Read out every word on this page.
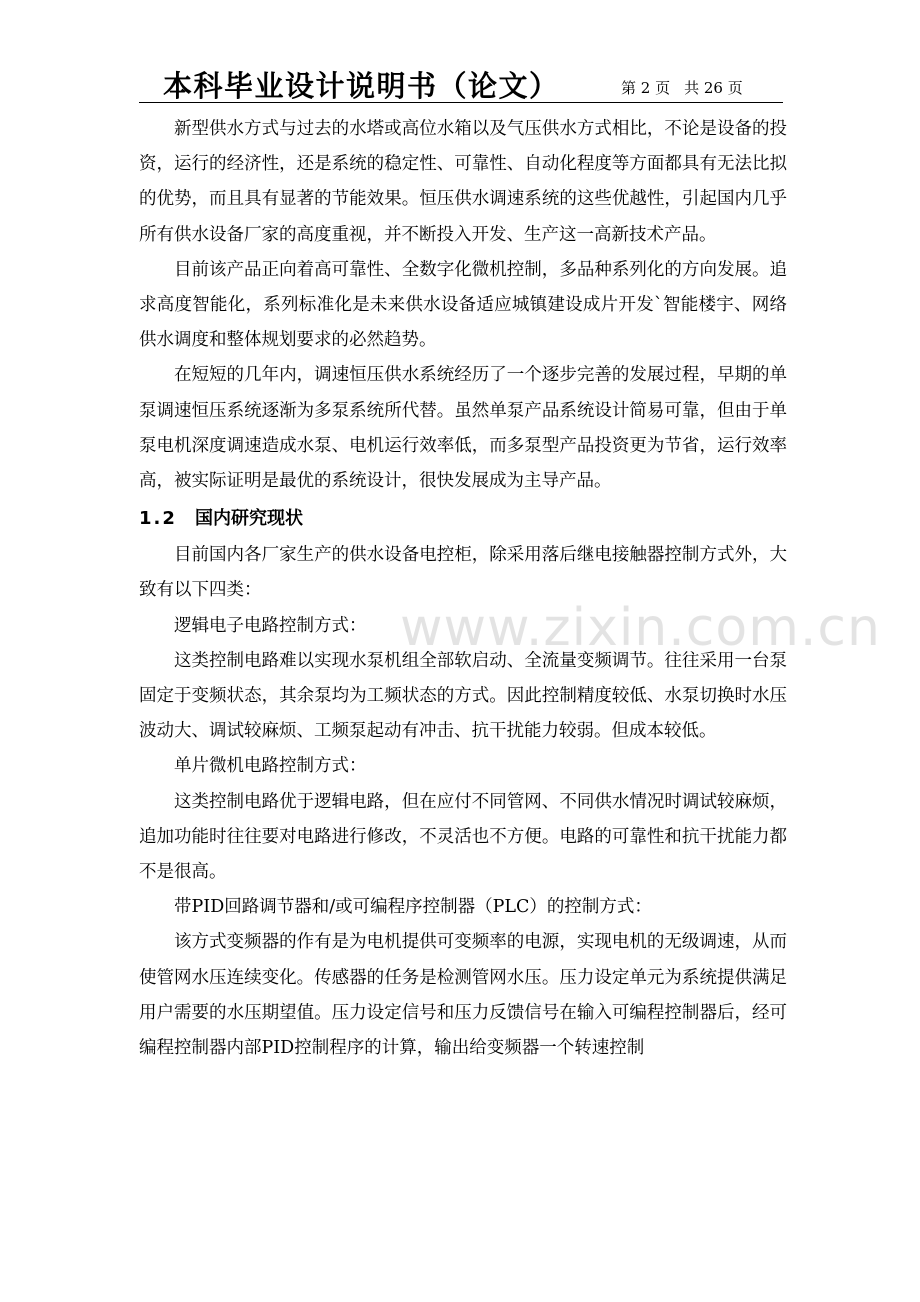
本科毕业设计说明书（论文）	第 2 页 共 26 页

新型供水方式与过去的水塔或高位水箱以及气压供水方式相比，不论是设备的投资，运行的经济性，还是系统的稳定性、可靠性、自动化程度等方面都具有无法比拟的优势，而且具有显著的节能效果。恒压供水调速系统的这些优越性，引起国内几乎所有供水设备厂家的高度重视，并不断投入开发、生产这一高新技术产品。

目前该产品正向着高可靠性、全数字化微机控制，多品种系列化的方向发展。追求高度智能化，系列标准化是未来供水设备适应城镇建设成片开发`智能楼宇、网络供水调度和整体规划要求的必然趋势。

在短短的几年内，调速恒压供水系统经历了一个逐步完善的发展过程，早期的单泵调速恒压系统逐渐为多泵系统所代替。虽然单泵产品系统设计简易可靠，但由于单泵电机深度调速造成水泵、电机运行效率低，而多泵型产品投资更为节省，运行效率高，被实际证明是最优的系统设计，很快发展成为主导产品。

1.2 国内研究现状

目前国内各厂家生产的供水设备电控柜，除采用落后继电接触器控制方式外，大致有以下四类：

逻辑电子电路控制方式：

这类控制电路难以实现水泵机组全部软启动、全流量变频调节。往往采用一台泵固定于变频状态，其余泵均为工频状态的方式。因此控制精度较低、水泵切换时水压波动大、调试较麻烦、工频泵起动有冲击、抗干扰能力较弱。但成本较低。

单片微机电路控制方式：

这类控制电路优于逻辑电路，但在应付不同管网、不同供水情况时调试较麻烦，追加功能时往往要对电路进行修改，不灵活也不方便。电路的可靠性和抗干扰能力都不是很高。

带PID回路调节器和/或可编程序控制器（PLC）的控制方式：

该方式变频器的作有是为电机提供可变频率的电源，实现电机的无级调速，从而使管网水压连续变化。传感器的任务是检测管网水压。压力设定单元为系统提供满足用户需要的水压期望值。压力设定信号和压力反馈信号在输入可编程控制器后，经可编程控制器内部PID控制程序的计算，输出给变频器一个转速控制

www.zixin.com.cn
